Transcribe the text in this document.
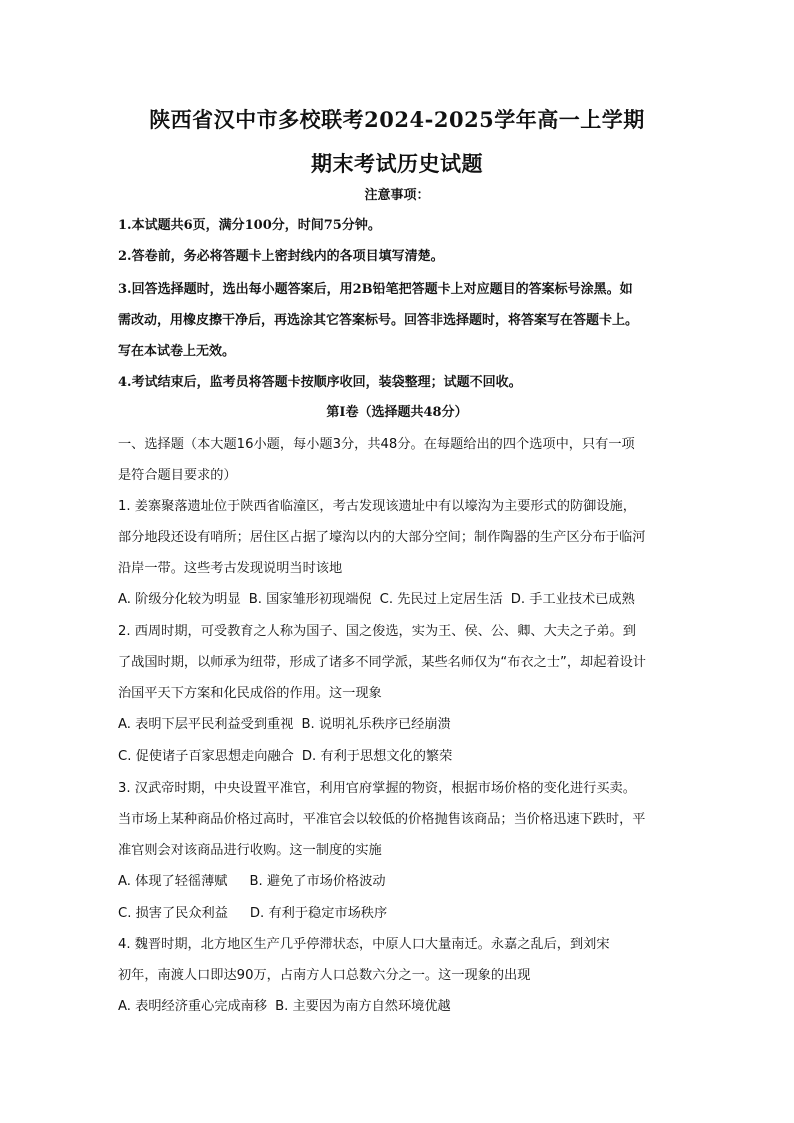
陕西省汉中市多校联考2024-2025学年高一上学期
期末考试历史试题
注意事项：
1.本试题共6页，满分100分，时间75分钟。
2.答卷前，务必将答题卡上密封线内的各项目填写清楚。
3.回答选择题时，选出每小题答案后，用2B铅笔把答题卡上对应题目的答案标号涂黑。如
需改动，用橡皮擦干净后，再选涂其它答案标号。回答非选择题时，将答案写在答题卡上。
写在本试卷上无效。
4.考试结束后，监考员将答题卡按顺序收回，装袋整理；试题不回收。
第Ⅰ卷（选择题共48分）
一、选择题（本大题16小题，每小题3分，共48分。在每题给出的四个选项中，只有一项
是符合题目要求的）
1. 姜寨聚落遗址位于陕西省临潼区，考古发现该遗址中有以壕沟为主要形式的防御设施，
部分地段还设有哨所；居住区占据了壕沟以内的大部分空间；制作陶器的生产区分布于临河
沿岸一带。这些考古发现说明当时该地
A. 阶级分化较为明显 B. 国家雏形初现端倪 C. 先民过上定居生活 D. 手工业技术已成熟
2. 西周时期，可受教育之人称为国子、国之俊选，实为王、侯、公、卿、大夫之子弟。到
了战国时期，以师承为纽带，形成了诸多不同学派，某些名师仅为“布衣之士”，却起着设计
治国平天下方案和化民成俗的作用。这一现象
A. 表明下层平民利益受到重视 B. 说明礼乐秩序已经崩溃
C. 促使诸子百家思想走向融合 D. 有利于思想文化的繁荣
3. 汉武帝时期，中央设置平准官，利用官府掌握的物资，根据市场价格的变化进行买卖。
当市场上某种商品价格过高时，平准官会以较低的价格抛售该商品；当价格迅速下跌时，平
准官则会对该商品进行收购。这一制度的实施
A. 体现了轻徭薄赋 B. 避免了市场价格波动
C. 损害了民众利益 D. 有利于稳定市场秩序
4. 魏晋时期，北方地区生产几乎停滞状态，中原人口大量南迁。永嘉之乱后，到刘宋
初年，南渡人口即达90万，占南方人口总数六分之一。这一现象的出现
A. 表明经济重心完成南移 B. 主要因为南方自然环境优越
